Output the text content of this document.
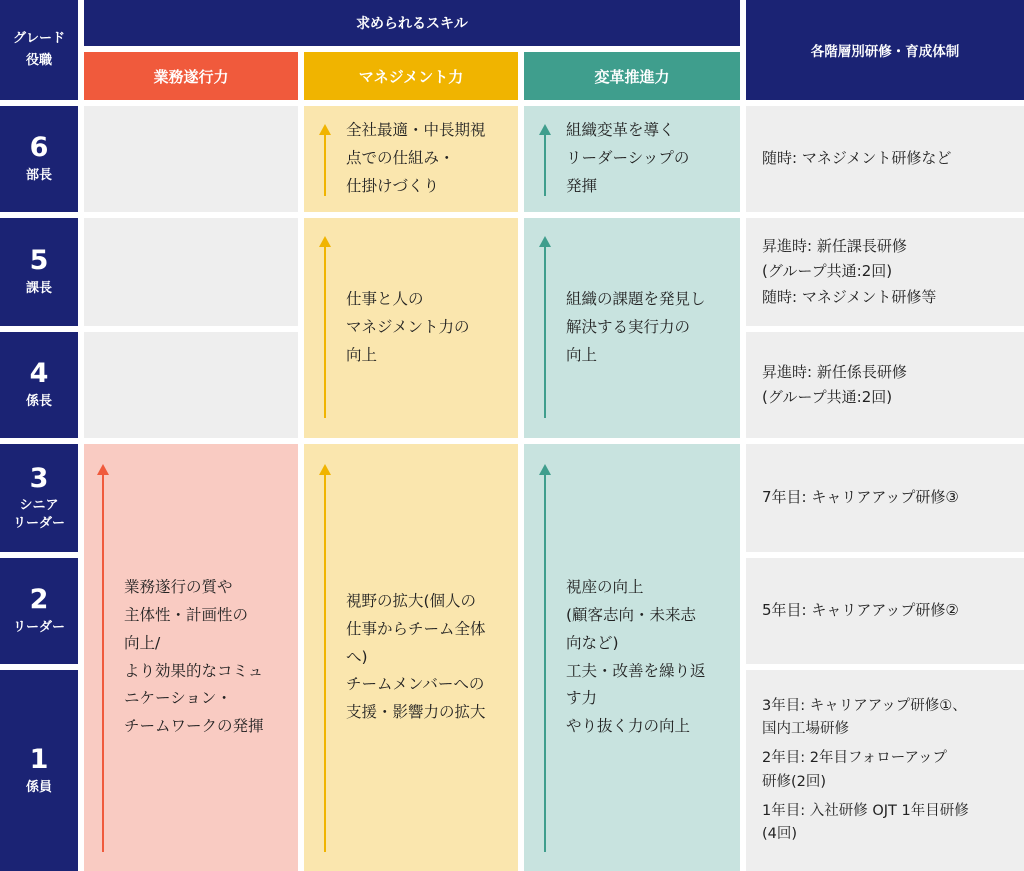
グレード
役職
求められるスキル
各階層別研修・育成体制
業務遂行力	マネジメント力	変革推進力
6
部長
5
課長
4
係長
3
シニア
リーダー
2
リーダー
1
係員
全社最適・中長期視
点での仕組み・
仕掛けづくり
組織変革を導く
リーダーシップの
発揮
仕事と人の
マネジメント力の
向上
組織の課題を発見し
解決する実行力の
向上
業務遂行の質や
主体性・計画性の
向上/
より効果的なコミュ
ニケーション・
チームワークの発揮
視野の拡大(個人の
仕事からチーム全体
へ)
チームメンバーへの
支援・影響力の拡大
視座の向上
(顧客志向・未来志
向など)
工夫・改善を繰り返
す力
やり抜く力の向上
随時: マネジメント研修など
昇進時: 新任課長研修
(グループ共通:2回)
随時: マネジメント研修等
昇進時: 新任係長研修
(グループ共通:2回)
7年目: キャリアアップ研修③
5年目: キャリアアップ研修②
3年目: キャリアアップ研修①、
国内工場研修
2年目: 2年目フォローアップ
研修(2回)
1年目: 入社研修 OJT 1年目研修
(4回)
